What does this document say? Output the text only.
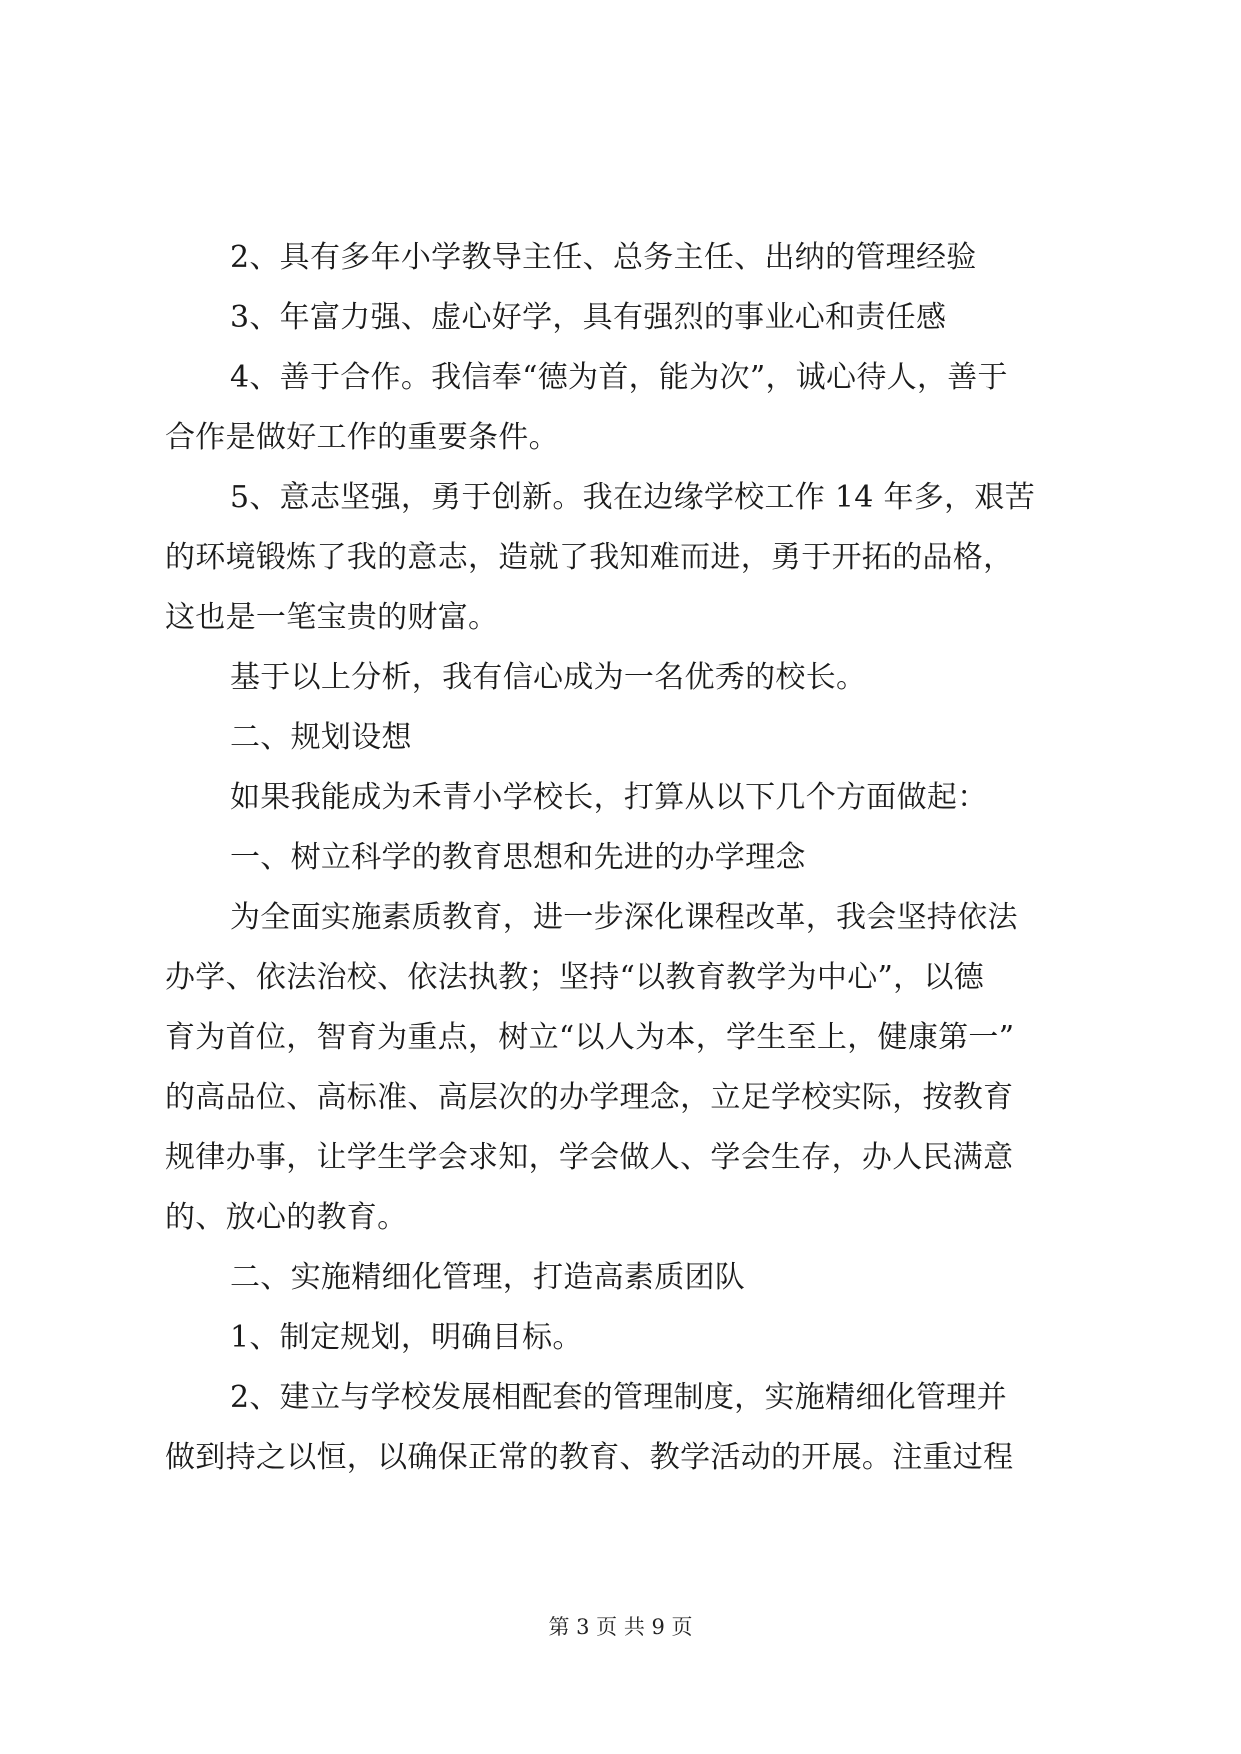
2、具有多年小学教导主任、总务主任、出纳的管理经验
3、年富力强、虚心好学，具有强烈的事业心和责任感
4、善于合作。我信奉“德为首，能为次”，诚心待人，善于
合作是做好工作的重要条件。
5、意志坚强，勇于创新。我在边缘学校工作 14 年多，艰苦
的环境锻炼了我的意志，造就了我知难而进，勇于开拓的品格，
这也是一笔宝贵的财富。
基于以上分析，我有信心成为一名优秀的校长。
二、规划设想
如果我能成为禾青小学校长，打算从以下几个方面做起：
一、树立科学的教育思想和先进的办学理念
为全面实施素质教育，进一步深化课程改革，我会坚持依法
办学、依法治校、依法执教；坚持“以教育教学为中心”，以德
育为首位，智育为重点，树立“以人为本，学生至上，健康第一”
的高品位、高标准、高层次的办学理念，立足学校实际，按教育
规律办事，让学生学会求知，学会做人、学会生存，办人民满意
的、放心的教育。
二、实施精细化管理，打造高素质团队
1、制定规划，明确目标。
2、建立与学校发展相配套的管理制度，实施精细化管理并
做到持之以恒，以确保正常的教育、教学活动的开展。注重过程
第 3 页 共 9 页
